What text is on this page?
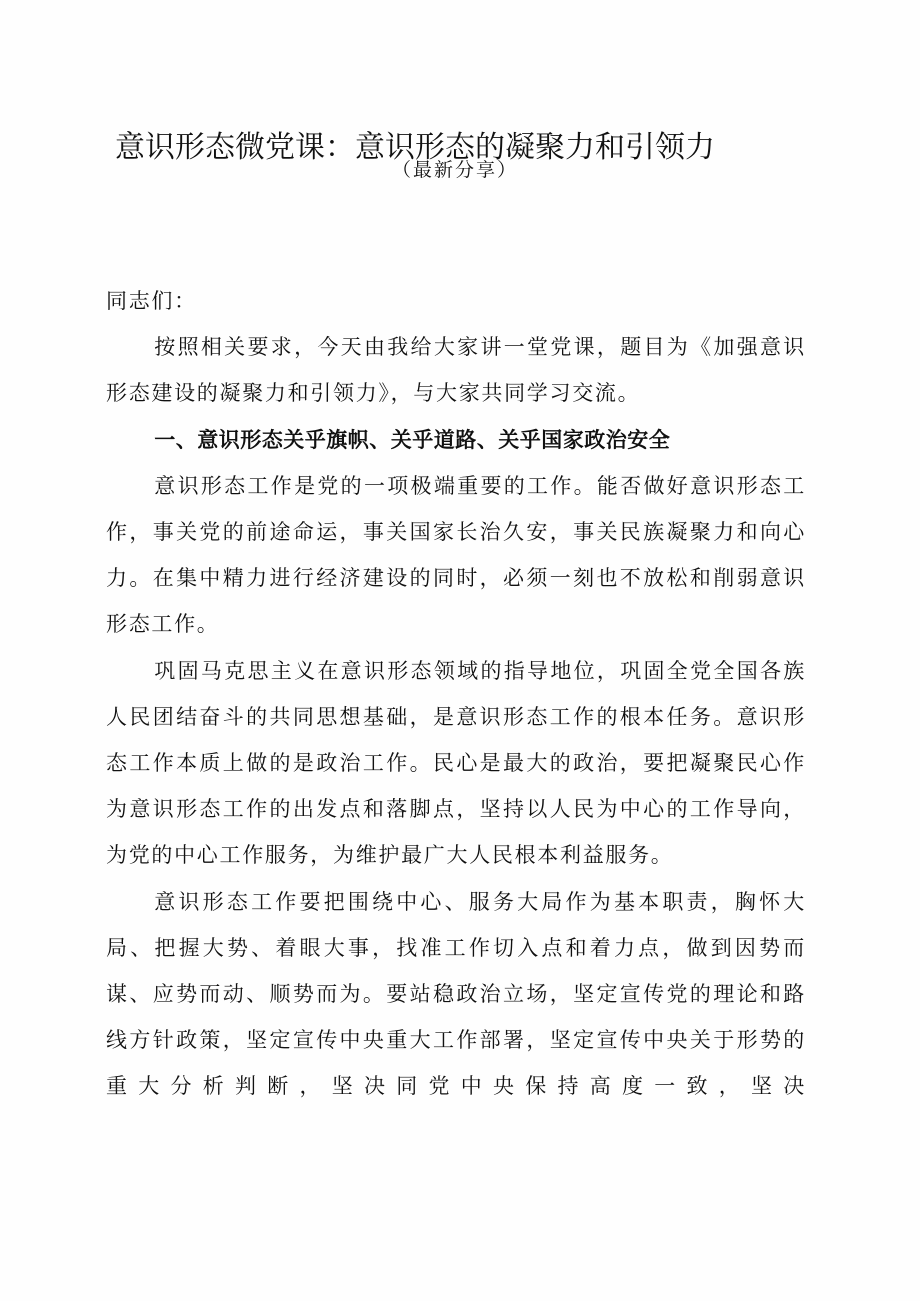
意识形态微党课：意识形态的凝聚力和引领力
（最新分享）

同志们：

按照相关要求，今天由我给大家讲一堂党课，题目为《加强意识形态建设的凝聚力和引领力》，与大家共同学习交流。

一、意识形态关乎旗帜、关乎道路、关乎国家政治安全

意识形态工作是党的一项极端重要的工作。能否做好意识形态工作，事关党的前途命运，事关国家长治久安，事关民族凝聚力和向心力。在集中精力进行经济建设的同时，必须一刻也不放松和削弱意识形态工作。

巩固马克思主义在意识形态领域的指导地位，巩固全党全国各族人民团结奋斗的共同思想基础，是意识形态工作的根本任务。意识形态工作本质上做的是政治工作。民心是最大的政治，要把凝聚民心作为意识形态工作的出发点和落脚点，坚持以人民为中心的工作导向，为党的中心工作服务，为维护最广大人民根本利益服务。

意识形态工作要把围绕中心、服务大局作为基本职责，胸怀大局、把握大势、着眼大事，找准工作切入点和着力点，做到因势而谋、应势而动、顺势而为。要站稳政治立场，坚定宣传党的理论和路线方针政策，坚定宣传中央重大工作部署，坚定宣传中央关于形势的重大分析判断，坚决同党中央保持高度一致，坚决
